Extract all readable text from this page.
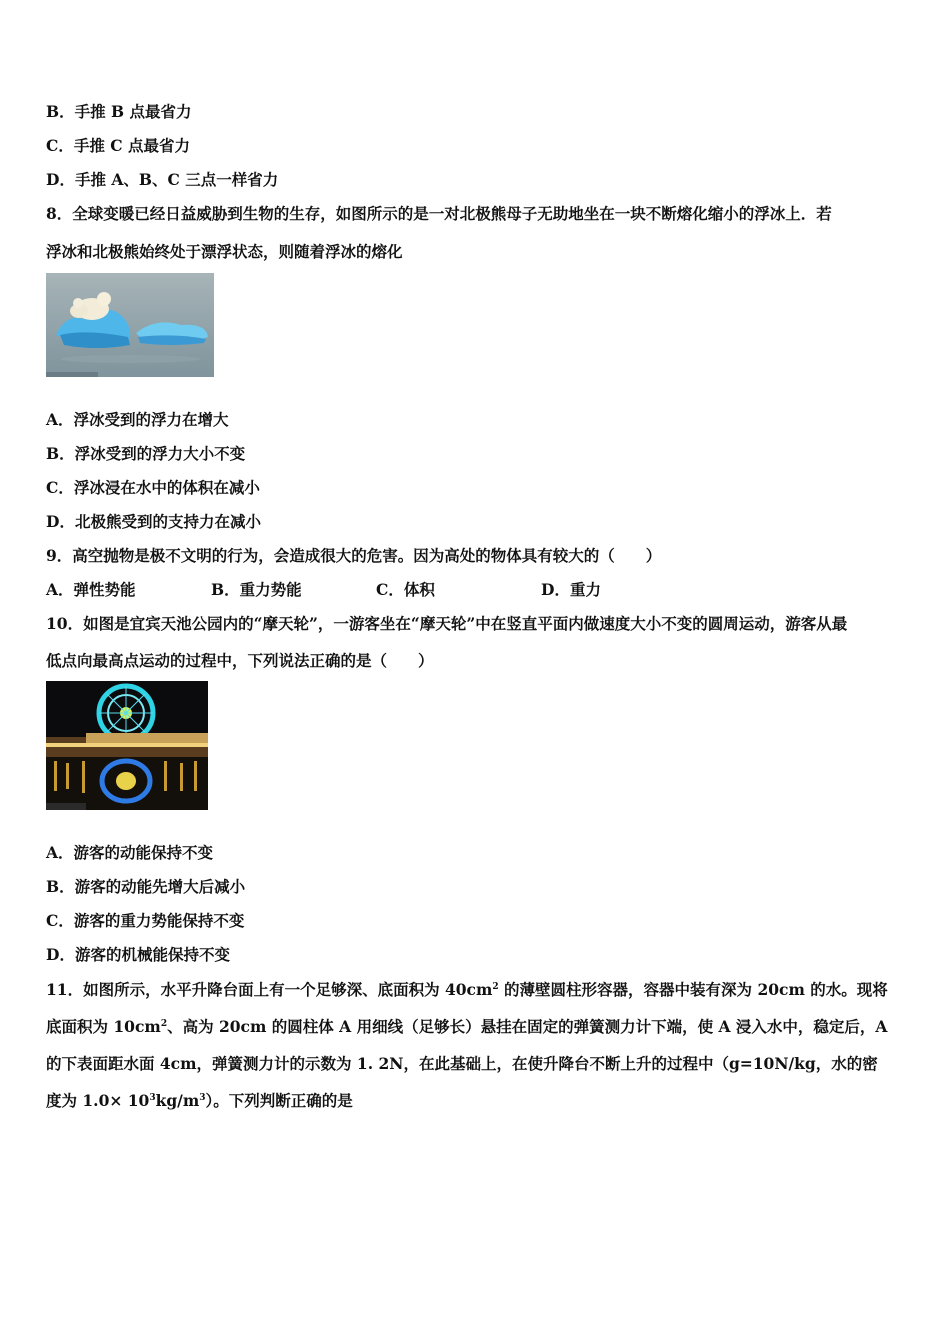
B．手推 B 点最省力
C．手推 C 点最省力
D．手推 A、B、C 三点一样省力
8．全球变暖已经日益威胁到生物的生存，如图所示的是一对北极熊母子无助地坐在一块不断熔化缩小的浮冰上．若
浮冰和北极熊始终处于漂浮状态，则随着浮冰的熔化
A．浮冰受到的浮力在增大
B．浮冰受到的浮力大小不变
C．浮冰浸在水中的体积在减小
D．北极熊受到的支持力在减小
9．高空抛物是极不文明的行为，会造成很大的危害。因为高处的物体具有较大的（　　）
A．弹性势能	B．重力势能	C．体积	D．重力
10．如图是宜宾天池公园内的“摩天轮”，一游客坐在“摩天轮”中在竖直平面内做速度大小不变的圆周运动，游客从最
低点向最高点运动的过程中，下列说法正确的是（　　）
A．游客的动能保持不变
B．游客的动能先增大后减小
C．游客的重力势能保持不变
D．游客的机械能保持不变
11．如图所示，水平升降台面上有一个足够深、底面积为 $40cm^2$ 的薄壁圆柱形容器，容器中装有深为 20cm 的水。现将
底面积为 $10cm^2$、高为 20cm 的圆柱体 A 用细线（足够长）悬挂在固定的弹簧测力计下端，使 A 浸入水中，稳定后，A
的下表面距水面 4cm，弹簧测力计的示数为 1. 2N，在此基础上，在使升降台不断上升的过程中（g=10N/kg，水的密
度为 $1.0\times 10^3kg/m^3$）。下列判断正确的是
